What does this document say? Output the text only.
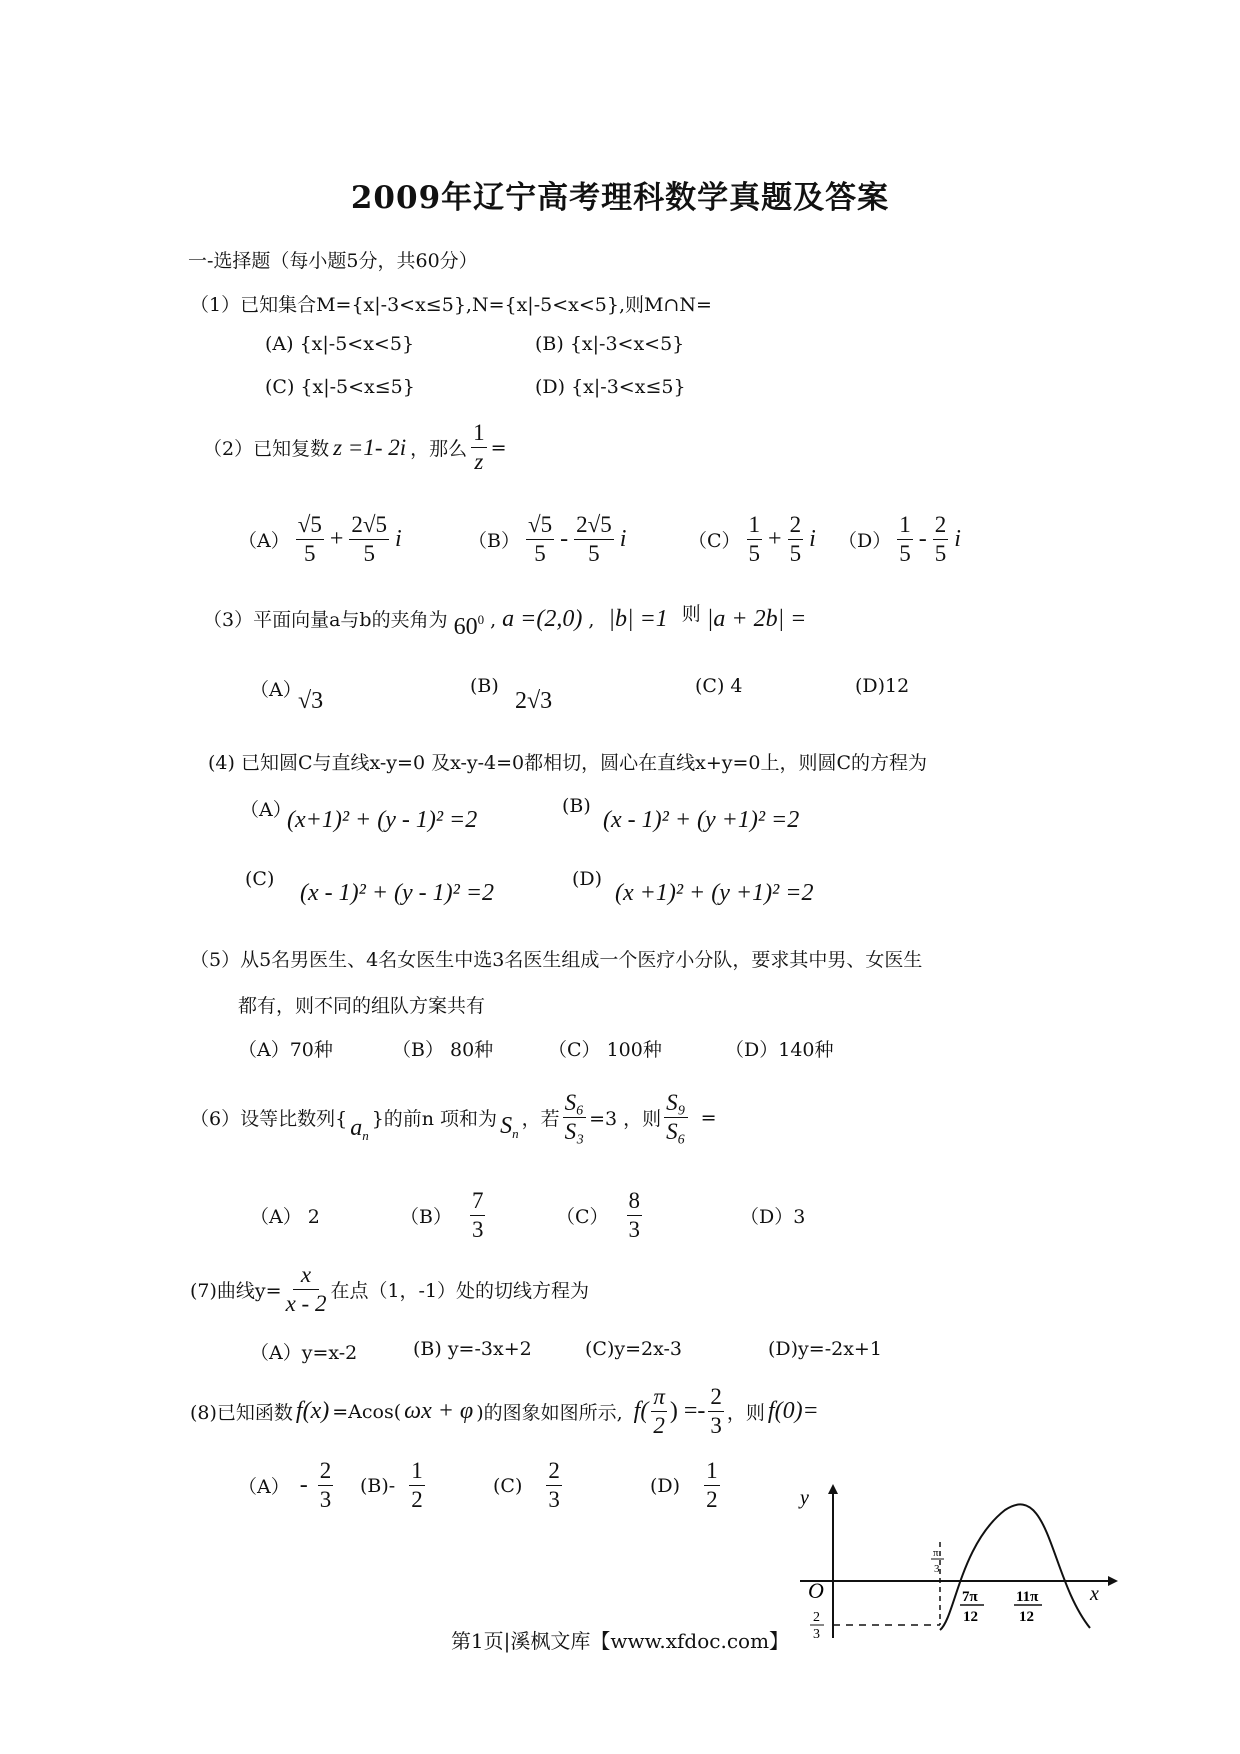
2009年辽宁高考理科数学真题及答案
一-选择题（每小题5分，共60分）
（1）已知集合M={x|-3<x≤5},N={x|-5<x<5},则M∩N=
(A) {x|-5<x<5}	(B) {x|-3<x<5}
(C) {x|-5<x≤5}	(D) {x|-3<x≤5}
（2）已知复数 z =1- 2i ，那么 $\frac{1}{z}$ =
$(A) \frac{√5}{5} + \frac{2√5}{5}$ i	$(B) \frac{√5}{5} - \frac{2√5}{5}$ i	$(C) \frac{1}{5} + \frac{2}{5}$ i $(D) \frac{1}{5} - \frac{2}{5}$ i
（3）平面向量a与b的夹角为 $60^0$ , a =(2,0) , |b| =1 则 |a + 2b| =
（A）
√3
(B)
2√3
(C) 4	(D)12
(4) 已知圆C与直线x-y=0 及x-y-4=0都相切，圆心在直线x+y=0上，则圆C的方程为
（A）
(x+1)² + (y - 1)² =2
(B)
(x - 1)² + (y +1)² =2
(C)
(x - 1)² + (y - 1)² =2
(D)
(x +1)² + (y +1)² =2
（5）从5名男医生、4名女医生中选3名医生组成一个医疗小分队，要求其中男、女医生
都有，则不同的组队方案共有
（A）70种	（B） 80种	（C） 100种	（D）140种
（6）设等比数列{ $a_n$
}的前n 项和为 $S_n$
，若 $\frac{\text{S₆}}{\text{S₃}} =3$ ，则 $\frac{\text{S₉}}{\text{S₆}}$ =
（A） 2	$(B) \frac{7}{3}$	$(C) \frac{8}{3}$	（D）3
(7)曲线$y= \frac{x}{x - 2}$ 在点（1，-1）处的切线方程为
（A）y=x-2	(B) y=-3x+2	(C)y=2x-3	(D)y=-2x+1
(8)已知函数 f(x) =Acos( ωx + φ )的图象如图所示, $f( \frac{\pi}{2}$ ) =- $\frac{2}{3}$ ，则 f(0)=
$(A) - \frac{2}{3} (B)- \frac{1}{2}$	$(C) \frac{2}{3}$	$(D) \frac{1}{2}$	y
x
O
π
3
7π
12
11π
12
2
3
第1页|溪枫文库【www.xfdoc.com】
